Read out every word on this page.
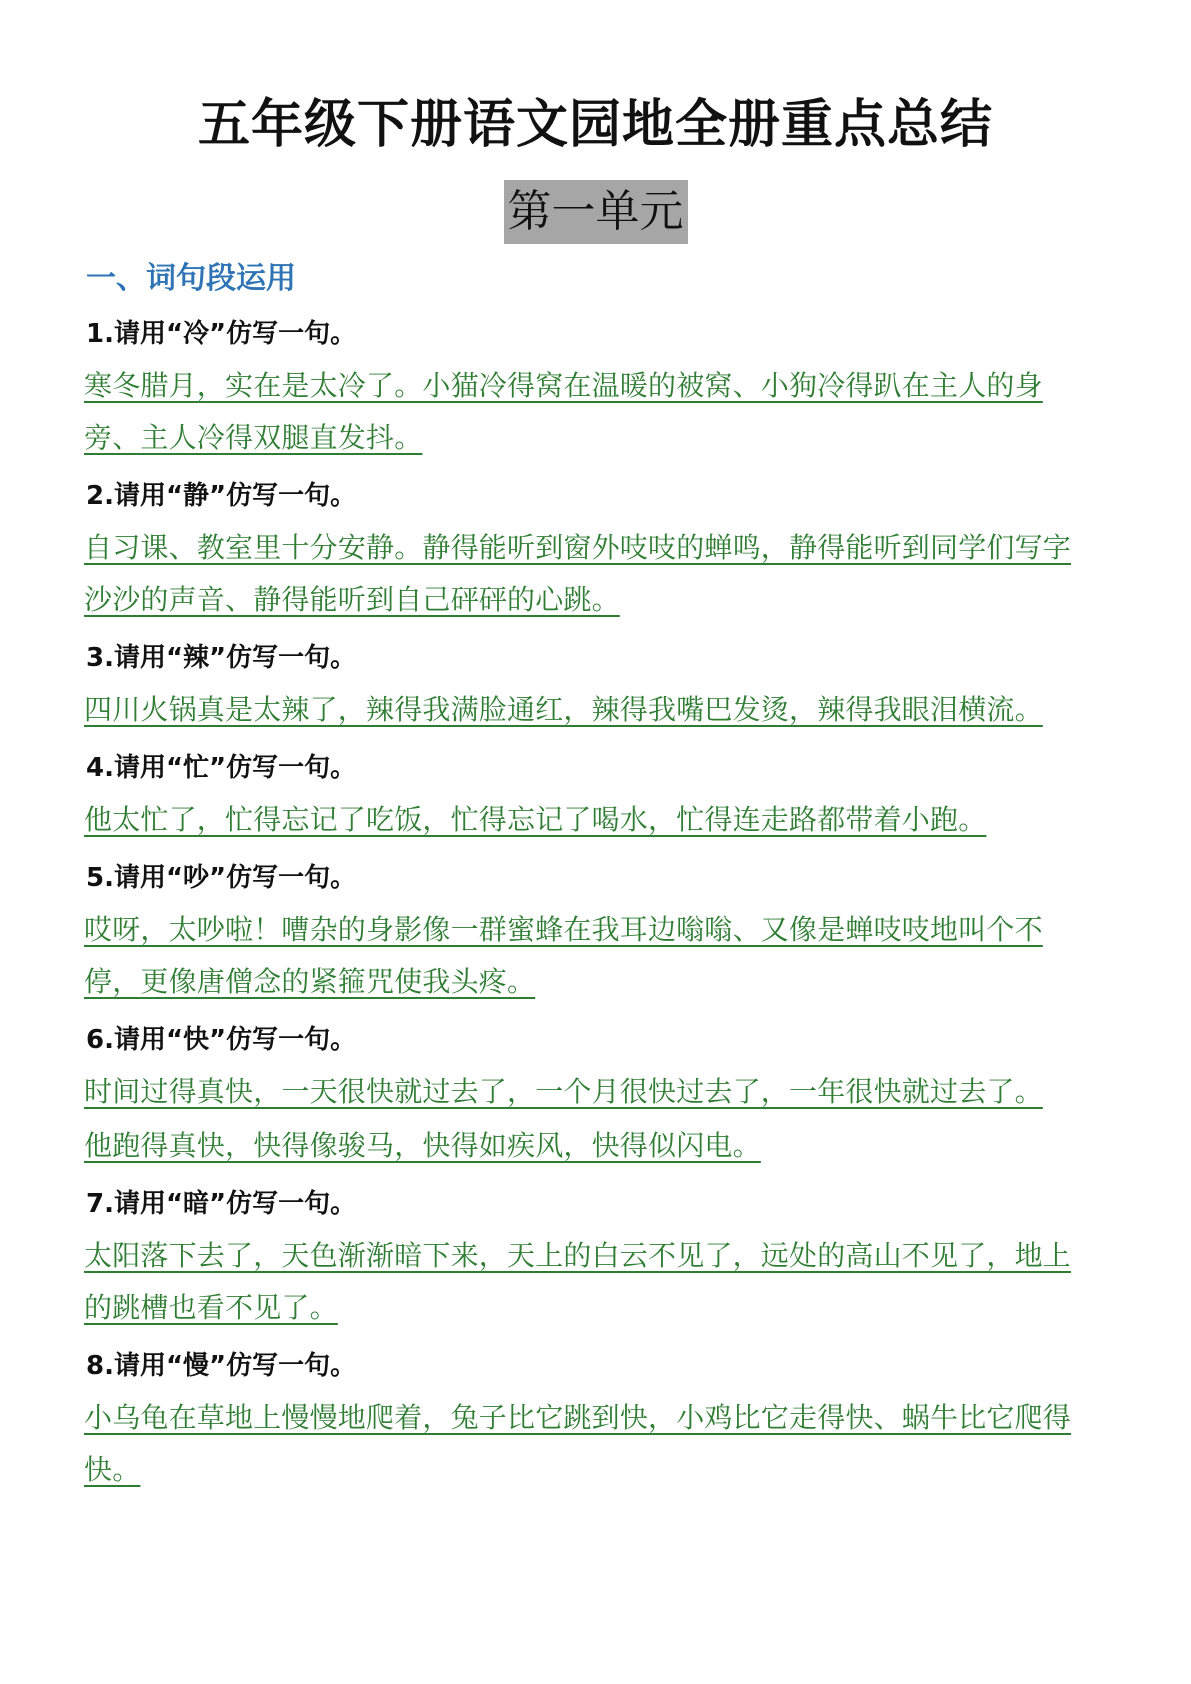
五年级下册语文园地全册重点总结
第一单元
一、词句段运用

1.请用“冷”仿写一句。

寒冬腊月，实在是太冷了。小猫冷得窝在温暖的被窝、小狗冷得趴在主人的身旁、主人冷得双腿直发抖。

2.请用“静”仿写一句。

自习课、教室里十分安静。静得能听到窗外吱吱的蝉鸣，静得能听到同学们写字沙沙的声音、静得能听到自己砰砰的心跳。

3.请用“辣”仿写一句。

四川火锅真是太辣了，辣得我满脸通红，辣得我嘴巴发烫，辣得我眼泪横流。

4.请用“忙”仿写一句。

他太忙了，忙得忘记了吃饭，忙得忘记了喝水，忙得连走路都带着小跑。

5.请用“吵”仿写一句。

哎呀，太吵啦！嘈杂的身影像一群蜜蜂在我耳边嗡嗡、又像是蝉吱吱地叫个不停，更像唐僧念的紧箍咒使我头疼。

6.请用“快”仿写一句。

时间过得真快，一天很快就过去了，一个月很快过去了，一年很快就过去了。

他跑得真快，快得像骏马，快得如疾风，快得似闪电。

7.请用“暗”仿写一句。

太阳落下去了，天色渐渐暗下来，天上的白云不见了，远处的高山不见了，地上的跳槽也看不见了。

8.请用“慢”仿写一句。

小乌龟在草地上慢慢地爬着，兔子比它跳到快，小鸡比它走得快、蜗牛比它爬得快。
